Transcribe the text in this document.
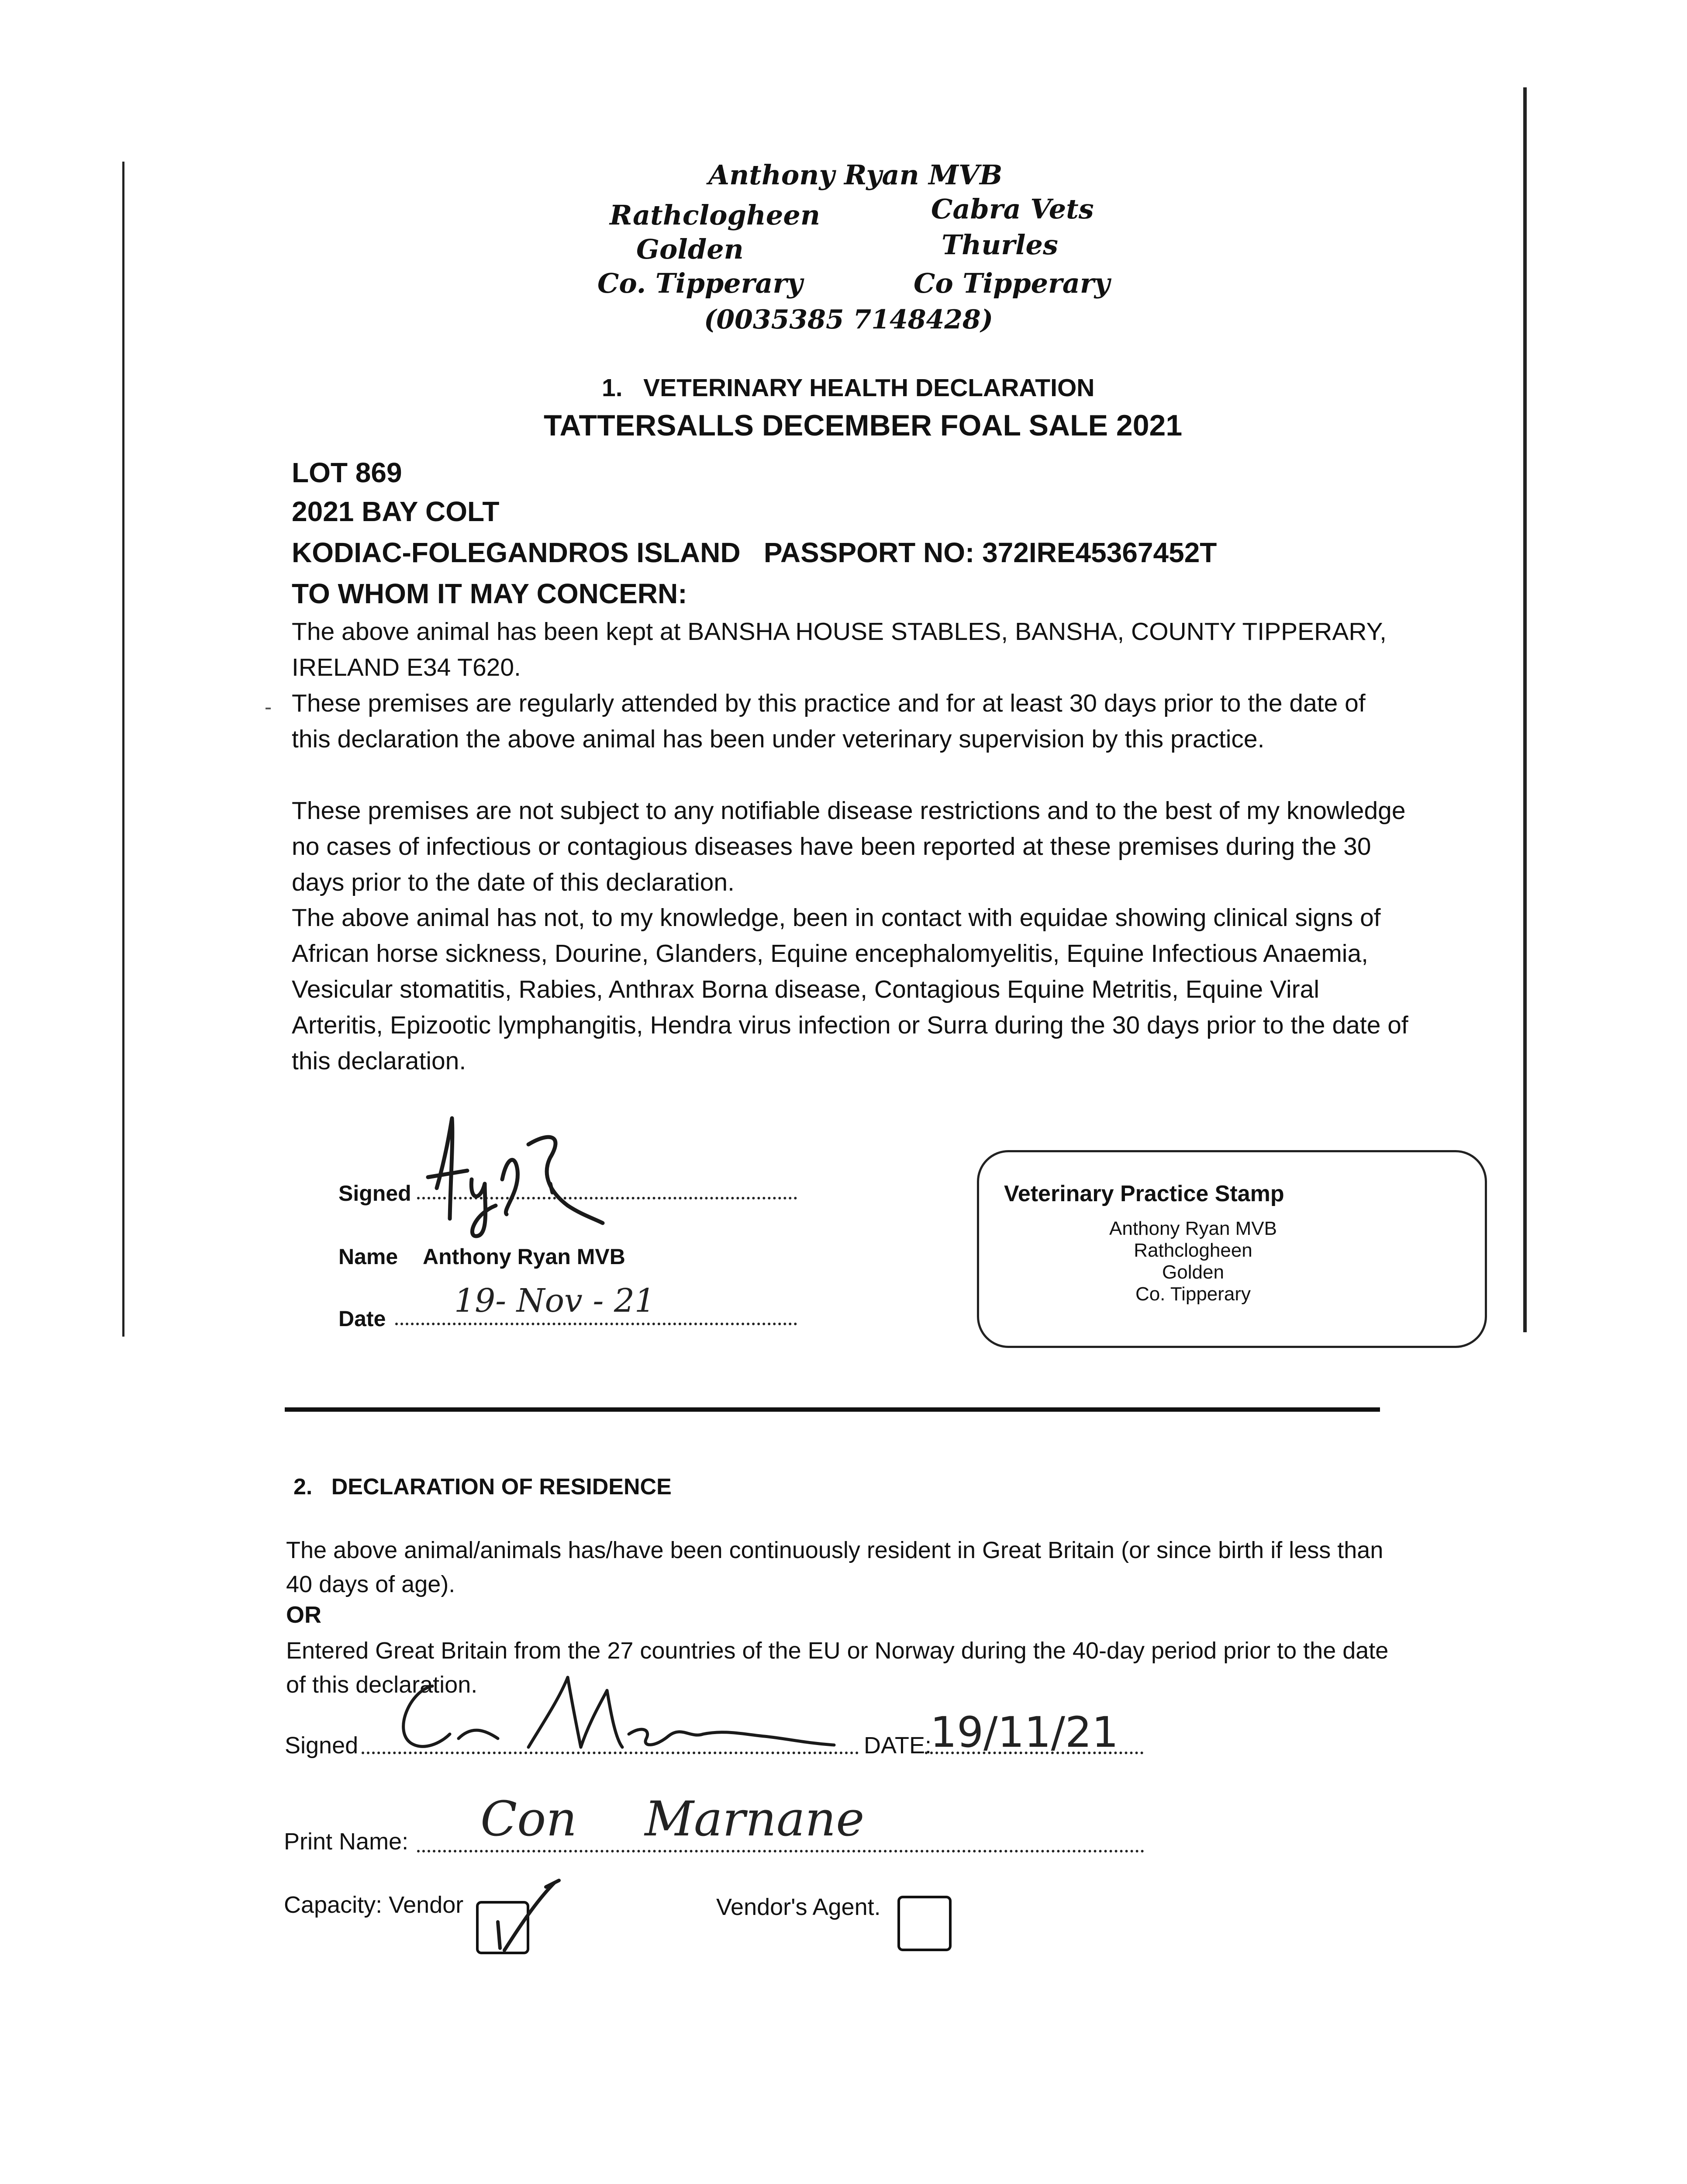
Anthony Ryan MVB
Rathclogheen
Golden
Co. Tipperary
Cabra Vets
Thurles
Co Tipperary
(0035385 7148428)
1. VETERINARY HEALTH DECLARATION
TATTERSALLS DECEMBER FOAL SALE 2021
LOT 869
2021 BAY COLT
KODIAC-FOLEGANDROS ISLAND PASSPORT NO: 372IRE45367452T
TO WHOM IT MAY CONCERN:
The above animal has been kept at BANSHA HOUSE STABLES, BANSHA, COUNTY TIPPERARY, IRELAND E34 T620.
These premises are regularly attended by this practice and for at least 30 days prior to the date of this declaration the above animal has been under veterinary supervision by this practice.
These premises are not subject to any notifiable disease restrictions and to the best of my knowledge no cases of infectious or contagious diseases have been reported at these premises during the 30 days prior to the date of this declaration.
The above animal has not, to my knowledge, been in contact with equidae showing clinical signs of African horse sickness, Dourine, Glanders, Equine encephalomyelitis, Equine Infectious Anaemia, Vesicular stomatitis, Rabies, Anthrax Borna disease, Contagious Equine Metritis, Equine Viral Arteritis, Epizootic lymphangitis, Hendra virus infection or Surra during the 30 days prior to the date of this declaration.
Signed
Name Anthony Ryan MVB
Date 19- Nov - 21
Veterinary Practice Stamp
Anthony Ryan MVB
Rathclogheen
Golden
Co. Tipperary
2. DECLARATION OF RESIDENCE
The above animal/animals has/have been continuously resident in Great Britain (or since birth if less than 40 days of age).
OR
Entered Great Britain from the 27 countries of the EU or Norway during the 40-day period prior to the date of this declaration.
Signed	DATE:
19/11/21
Print Name: Con Marnane
Capacity: Vendor	Vendor's Agent.
